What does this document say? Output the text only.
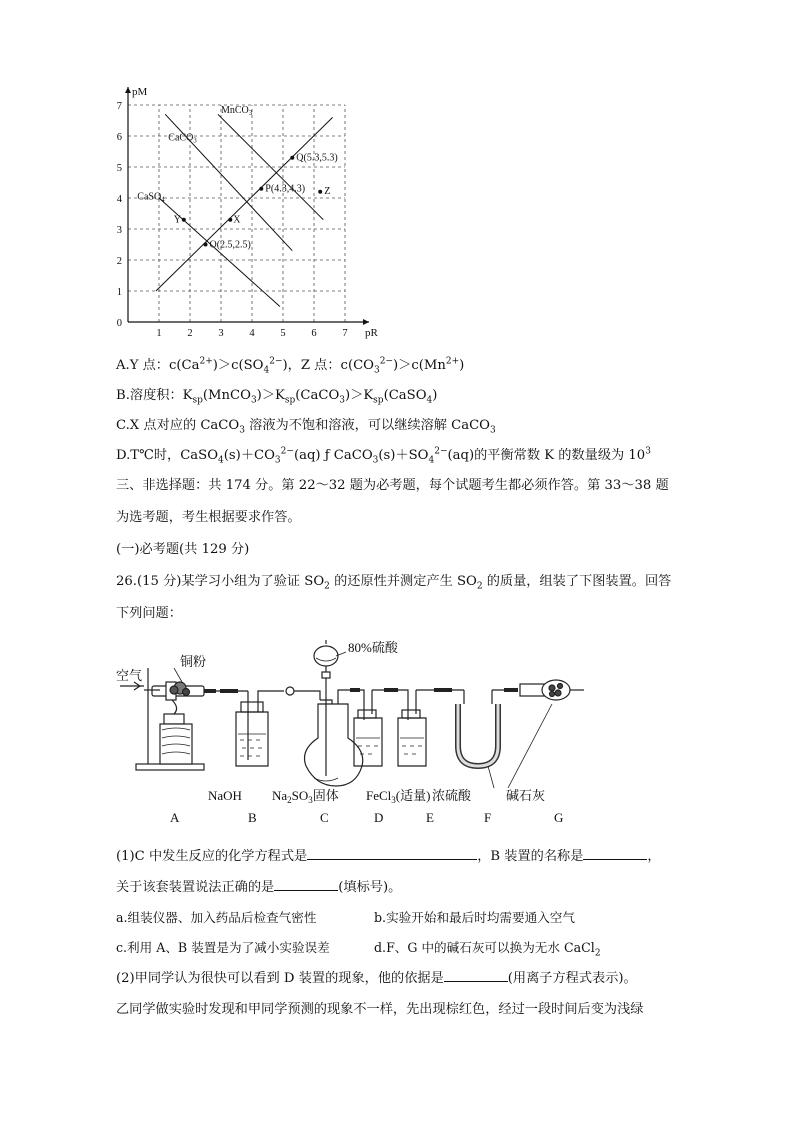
1 2 3 4 5 6 7
0
1
2
3
4
5
6
7
pR
pM
MnCO$_3$
CaCO$_3$
CaSO$_4$
O(2.5,2.5)
P(4.3,4.3)
Q(5.3,5.3)
Z
Y	X
A.Y 点：$c(Ca^{2+})>c(SO_4^{2-})$，Z 点：$c(CO_3^{2-})>c(Mn^{2+})$
B.溶度积：$K_{sp}(MnCO_3)>K_{sp}(CaCO_3)>K_{sp}(CaSO_4)$
C.X 点对应的 CaCO$_3$ 溶液为不饱和溶液，可以继续溶解 CaCO$_3$
D.T℃时，$CaSO_4(s)+CO_3^{2-}(aq)$ ƒ $CaCO_3(s)+SO_4^{2-}(aq)$的平衡常数 K 的数量级为 $10^3$
三、非选择题：共 174 分。第 22～32 题为必考题，每个试题考生都必须作答。第 33～38 题
为选考题，考生根据要求作答。
(一)必考题(共 129 分)
26.(15 分)某学习小组为了验证 $SO_2$ 的还原性并测定产生 $SO_2$ 的质量，组装了下图装置。回答
下列问题：
空气
铜粉
80%硫酸
NaOH $Na_2SO_3$固体 FeCl$_3$(适量) 浓硫酸	碱石灰
A	B	C	D	E	F	G
(1)C 中发生反应的化学方程式是	，B 装置的名称是	，
关于该套装置说法正确的是	(填标号)。
a.组装仪器、加入药品后检查气密性	b.实验开始和最后时均需要通入空气
c.利用 A、B 装置是为了减小实验误差	d.F、G 中的碱石灰可以换为无水 CaCl$_2$
(2)甲同学认为很快可以看到 D 装置的现象，他的依据是	(用离子方程式表示)。
乙同学做实验时发现和甲同学预测的现象不一样，先出现棕红色，经过一段时间后变为浅绿
